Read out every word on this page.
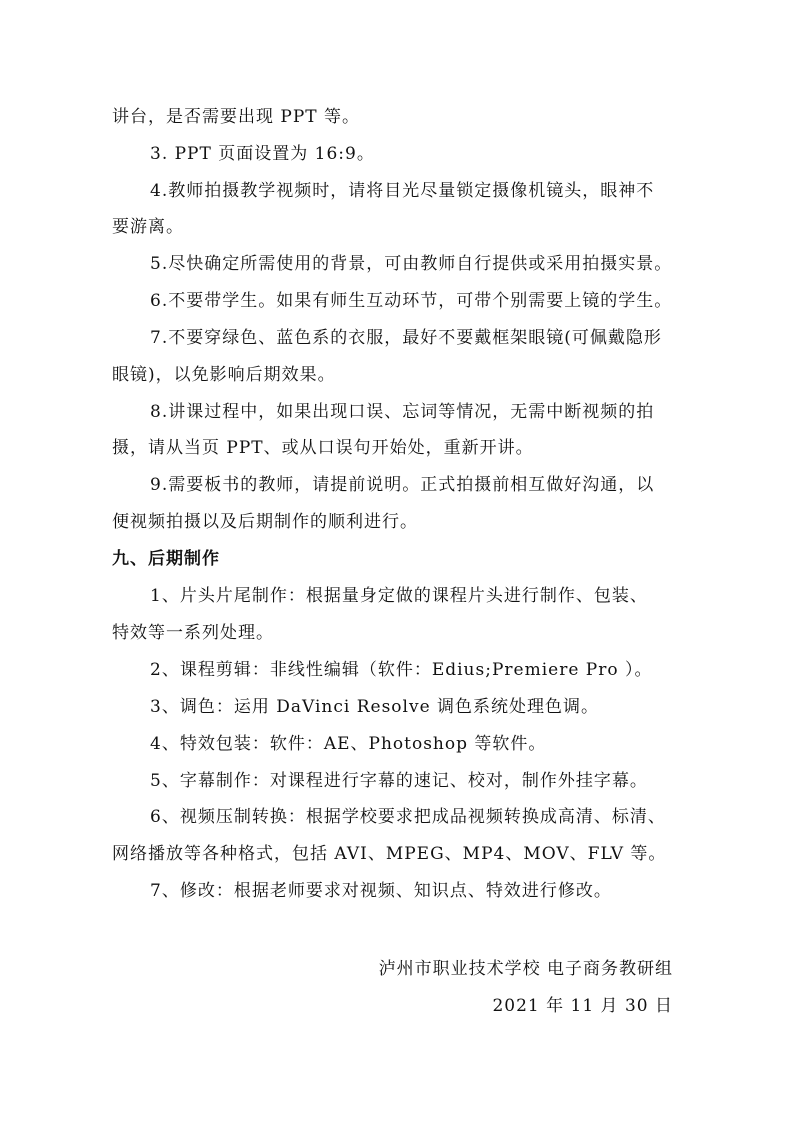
讲台，是否需要出现 PPT 等。
3. PPT 页面设置为 16:9。
4.教师拍摄教学视频时，请将目光尽量锁定摄像机镜头，眼神不
要游离。
5.尽快确定所需使用的背景，可由教师自行提供或采用拍摄实景。
6.不要带学生。如果有师生互动环节，可带个别需要上镜的学生。
7.不要穿绿色、蓝色系的衣服，最好不要戴框架眼镜(可佩戴隐形
眼镜)，以免影响后期效果。
8.讲课过程中，如果出现口误、忘词等情况，无需中断视频的拍
摄，请从当页 PPT、或从口误句开始处，重新开讲。
9.需要板书的教师，请提前说明。正式拍摄前相互做好沟通，以
便视频拍摄以及后期制作的顺利进行。
九、后期制作
1、片头片尾制作：根据量身定做的课程片头进行制作、包装、
特效等一系列处理。
2、课程剪辑：非线性编辑（软件：Edius;Premiere Pro ）。
3、调色：运用 DaVinci Resolve 调色系统处理色调。
4、特效包装：软件：AE、Photoshop 等软件。
5、字幕制作：对课程进行字幕的速记、校对，制作外挂字幕。
6、视频压制转换：根据学校要求把成品视频转换成高清、标清、
网络播放等各种格式，包括 AVI、MPEG、MP4、MOV、FLV 等。
7、修改：根据老师要求对视频、知识点、特效进行修改。
泸州市职业技术学校 电子商务教研组
2021 年 11 月 30 日
